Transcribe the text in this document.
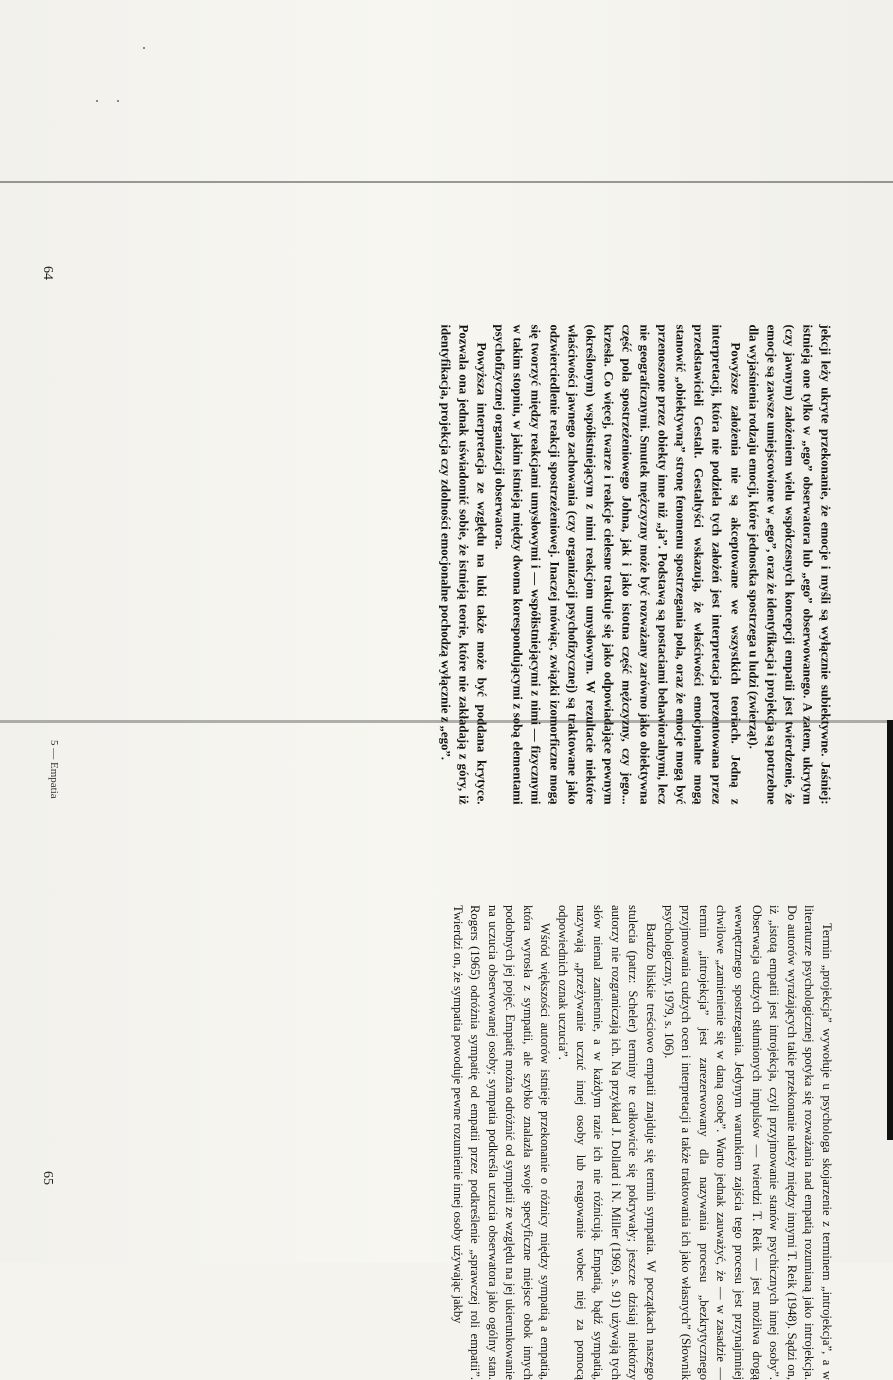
jekcji leży ukryte przekonanie, że emocje i myśli są wyłącznie subiektywne. Jaśniej: istnieją one tylko w „ego” obserwatora lub „ego” obserwowanego. A zatem, ukrytym (czy jawnym) założeniem wielu współczesnych koncepcji empatii jest twierdzenie, że emocje są zawsze umiejscowione w „ego”, oraz że identyfikacja i projekcja są potrzebne dla wyjaśnienia rodzaju emocji, które jednostka spostrzega u ludzi (zwierząt).

Powyższe założenia nie są akceptowane we wszystkich teoriach. Jedną z interpretacji, która nie podziela tych założeń jest interpretacja prezentowana przez przedstawicieli Gestalt. Gestaltyści wskazują, że właściwości emocjonalne mogą stanowić „obiektywną” stronę fenomenu spostrzegania pola, oraz że emocje mogą być przenoszone przez obiekty inne niż „ja”. Podstawą są postaciami behawioralnymi, lecz nie geograficznymi. Smutek mężczyzny może być rozważany zarówno jako obiektywna część pola spostrzeżeniowego Johna, jak i jako istotna część mężczyzny, czy jego... krzesła. Co więcej, twarze i reakcje cielesne traktuje się jako odpowiadające pewnym (określonym) współistniejącym z nimi reakcjom umysłowym. W rezultacie niektóre właściwości jawnego zachowania (czy organizacji psychofizycznej) są traktowane jako odzwierciedlenie reakcji spostrzeżeniowej. Inaczej mówiąc, związki izomorficzne mogą się tworzyć między reakcjami umysłowymi i — współistniejącymi z nimi — fizycznymi w takim stopniu, w jakim istnieją między dwoma korespondującymi z sobą elementami psychofizycznej organizacji obserwatora.

Powyższa interpretacja ze względu na luki także może być poddana krytyce. Pozwala ona jednak uświadomić sobie, że istnieją teorie, które nie zakładają z góry, iż identyfikacja, projekcja czy zdolności emocjonalne pochodzą wyłącznie z „ego”.

Termin „projekcja” wywołuje u psychologa skojarzenie z terminem „introjekcja”, a w literaturze psychologicznej spotyka się rozważania nad empatią rozumianą jako introjekcja. Do autorów wyrażających takie przekonanie należy między innymi T. Reik (1948). Sądzi on, iż „istotą empatii jest introjekcja, czyli przyjmowanie stanów psychicznych innej osoby”. Obserwacja cudzych stłumionych impulsów — twierdzi T. Reik — jest możliwa drogą wewnętrznego spostrzegania. Jedynym warunkiem zajścia tego procesu jest przynajmniej chwilowe „zamienienie się w daną osobę”. Warto jednak zauważyć, że — w zasadzie — termin „introjekcja” jest zarezerwowany dla nazywania procesu „bezkrytycznego przyjmowania cudzych ocen i interpretacji a także traktowania ich jako własnych” (Słownik psychologiczny, 1979, s. 106).

Bardzo bliskie treściowo empatii znajduje się termin sympatia. W początkach naszego stulecia (patrz: Scheler) terminy te całkowicie się pokrywały; jeszcze dzisiaj niektórzy autorzy nie rozgraniczają ich. Na przykład J. Dollard i N. Miller (1969, s. 91) używają tych słów niemal zamiennie, a w każdym razie ich nie różnicują. Empatią, bądź sympatią, nazywają „przeżywanie uczuć innej osoby lub reagowanie wobec niej za pomocą odpowiednich oznak uczucia”.

Wśród większości autorów istnieje przekonanie o różnicy między sympatią a empatią, która wyrosła z sympatii, ale szybko znalazła swoje specyficzne miejsce obok innych podobnych jej pojęć. Empatię można odróżnić od sympatii ze względu na jej ukierunkowanie na uczucia obserwowanej osoby; sympatia podkreśla uczucia obserwatora jako ogólny stan. Rogers (1965) odróżnia sympatię od empatii przez podkreślenie „sprawczej roli empatii”. Twierdzi on, że sympatia powoduje pewne rozumienie innej osoby używając jakby

64
65
5 — Empatia
